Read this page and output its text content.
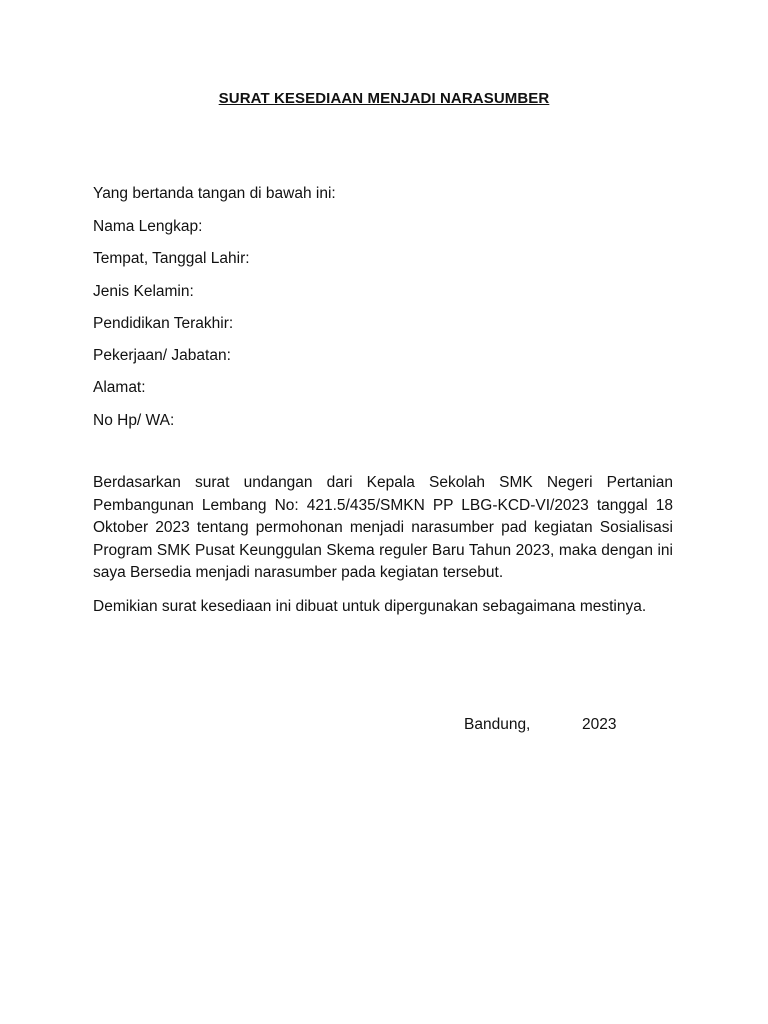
SURAT KESEDIAAN MENJADI NARASUMBER
Yang bertanda tangan di bawah ini:
Nama Lengkap:
Tempat, Tanggal Lahir:
Jenis Kelamin:
Pendidikan Terakhir:
Pekerjaan/ Jabatan:
Alamat:
No Hp/ WA:

Berdasarkan surat undangan dari Kepala Sekolah SMK Negeri Pertanian Pembangunan Lembang No: 421.5/435/SMKN PP LBG-KCD-VI/2023 tanggal 18 Oktober 2023 tentang permohonan menjadi narasumber pad kegiatan Sosialisasi Program SMK Pusat Keunggulan Skema reguler Baru Tahun 2023, maka dengan ini saya Bersedia menjadi narasumber pada kegiatan tersebut.

Demikian surat kesediaan ini dibuat untuk dipergunakan sebagaimana mestinya.

Bandung,	2023
